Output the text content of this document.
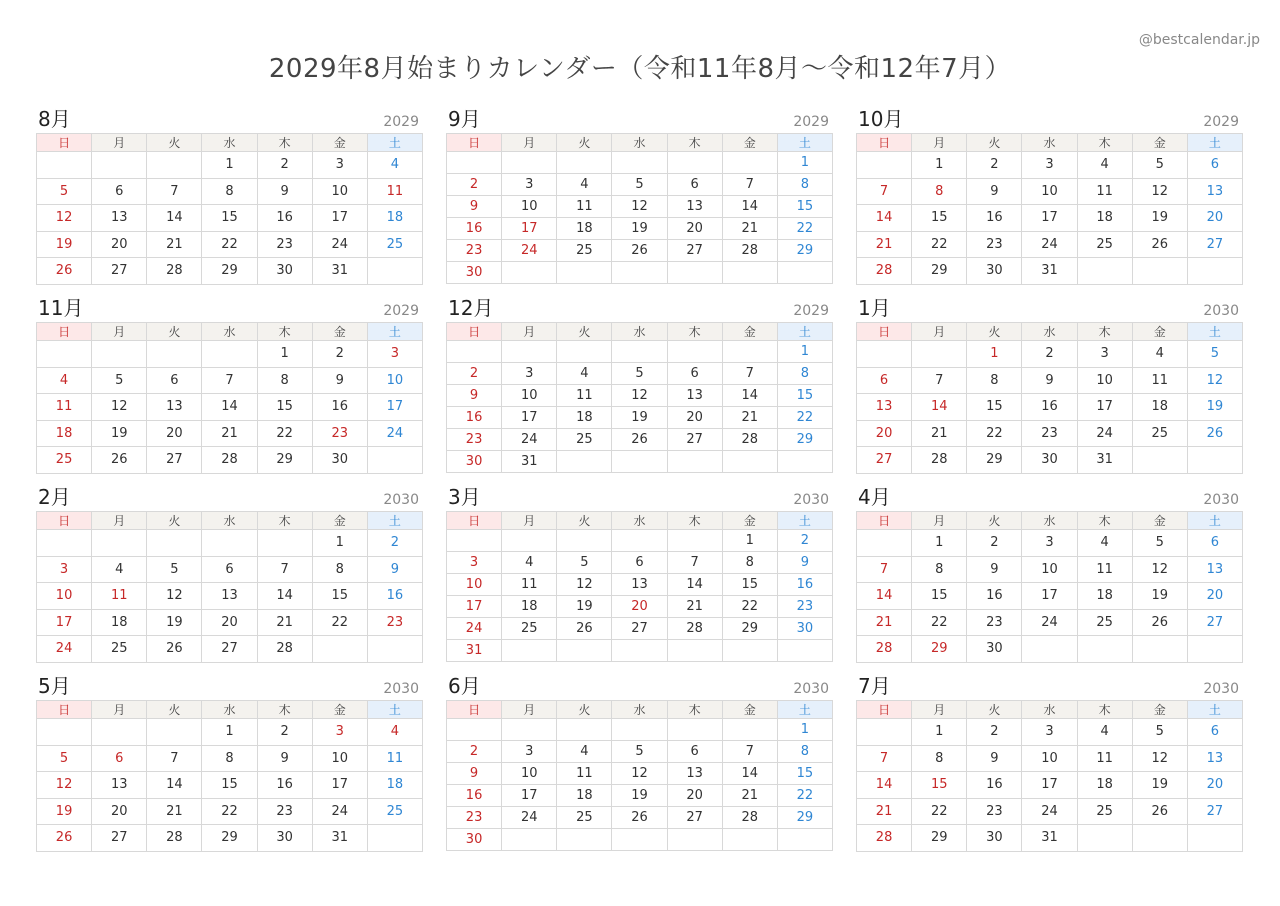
2029年8月始まりカレンダー（令和11年8月〜令和12年7月）
@bestcalendar.jp
8月	2029
日	月	火	水	木	金	土
			1	2	3	4
5	6	7	8	9	10	11
12	13	14	15	16	17	18
19	20	21	22	23	24	25
26	27	28	29	30	31	
9月	2029
日	月	火	水	木	金	土
						1
2	3	4	5	6	7	8
9	10	11	12	13	14	15
16	17	18	19	20	21	22
23	24	25	26	27	28	29
30						
10月	2029
日	月	火	水	木	金	土
	1	2	3	4	5	6
7	8	9	10	11	12	13
14	15	16	17	18	19	20
21	22	23	24	25	26	27
28	29	30	31			
11月	2029
日	月	火	水	木	金	土
				1	2	3
4	5	6	7	8	9	10
11	12	13	14	15	16	17
18	19	20	21	22	23	24
25	26	27	28	29	30	
12月	2029
日	月	火	水	木	金	土
						1
2	3	4	5	6	7	8
9	10	11	12	13	14	15
16	17	18	19	20	21	22
23	24	25	26	27	28	29
30	31					
1月	2030
日	月	火	水	木	金	土
		1	2	3	4	5
6	7	8	9	10	11	12
13	14	15	16	17	18	19
20	21	22	23	24	25	26
27	28	29	30	31		
2月	2030
日	月	火	水	木	金	土
					1	2
3	4	5	6	7	8	9
10	11	12	13	14	15	16
17	18	19	20	21	22	23
24	25	26	27	28		
3月	2030
日	月	火	水	木	金	土
					1	2
3	4	5	6	7	8	9
10	11	12	13	14	15	16
17	18	19	20	21	22	23
24	25	26	27	28	29	30
31						
4月	2030
日	月	火	水	木	金	土
	1	2	3	4	5	6
7	8	9	10	11	12	13
14	15	16	17	18	19	20
21	22	23	24	25	26	27
28	29	30				
5月	2030
日	月	火	水	木	金	土
			1	2	3	4
5	6	7	8	9	10	11
12	13	14	15	16	17	18
19	20	21	22	23	24	25
26	27	28	29	30	31	
6月	2030
日	月	火	水	木	金	土
						1
2	3	4	5	6	7	8
9	10	11	12	13	14	15
16	17	18	19	20	21	22
23	24	25	26	27	28	29
30						
7月	2030
日	月	火	水	木	金	土
	1	2	3	4	5	6
7	8	9	10	11	12	13
14	15	16	17	18	19	20
21	22	23	24	25	26	27
28	29	30	31			
